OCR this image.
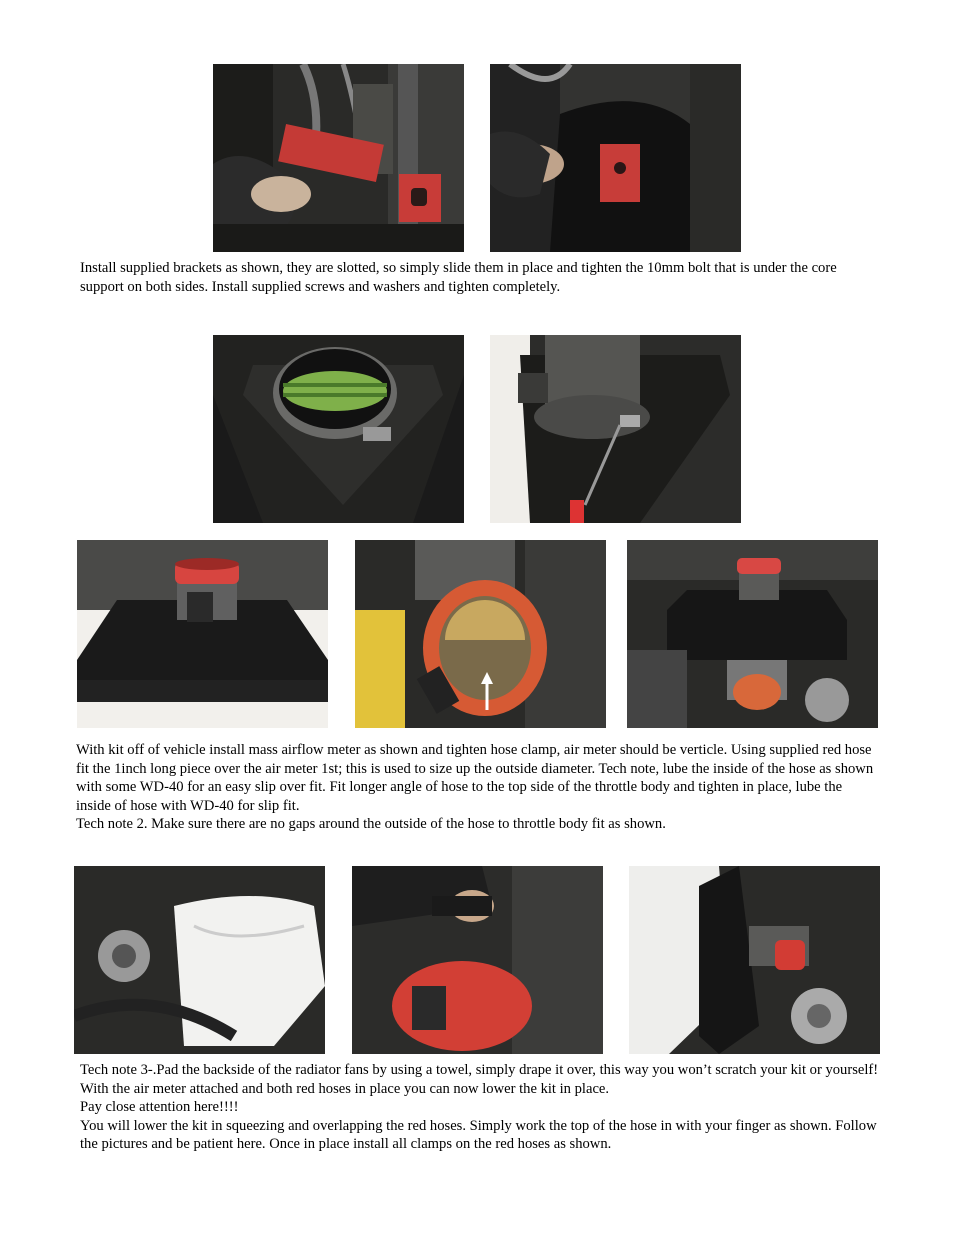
Install supplied brackets as shown, they are slotted, so simply slide them in place and tighten the 10mm bolt that is under the core support on both sides. Install supplied screws and washers and tighten completely.

With kit off of vehicle install mass airflow meter as shown and tighten hose clamp, air meter should be verticle. Using supplied red hose fit the 1inch long piece over the air meter 1st; this is used to size up the outside diameter. Tech note, lube the inside of the hose as shown with some WD-40 for an easy slip over fit. Fit longer angle of hose to the top side of the throttle body and tighten in place, lube the inside of hose with WD-40 for slip fit.

Tech note 2. Make sure there are no gaps around the outside of the hose to throttle body fit as shown.

Tech note 3-.Pad the backside of the radiator fans by using a towel, simply drape it over, this way you won’t scratch your kit or yourself! With the air meter attached and both red hoses in place you can now lower the kit in place.

Pay close attention here!!!!

You will lower the kit in squeezing and overlapping the red hoses. Simply work the top of the hose in with your finger as shown. Follow the pictures and be patient here. Once in place install all clamps on the red hoses as shown.
